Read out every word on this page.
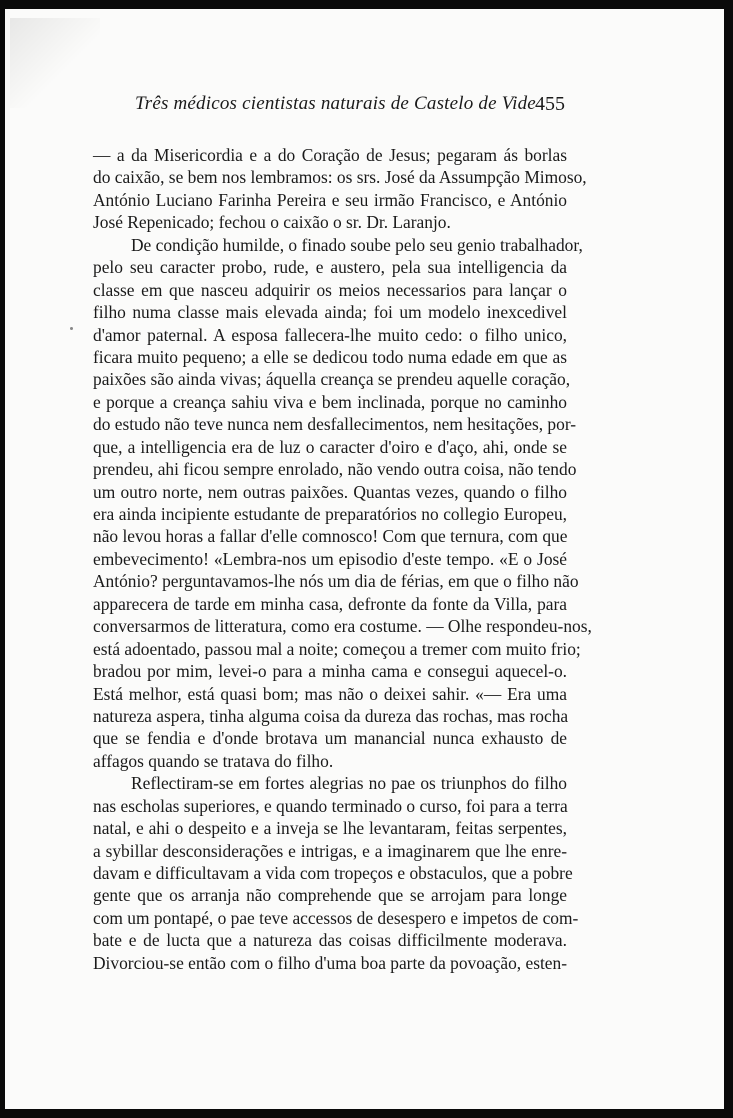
Três médicos cientistas naturais de Castelo de Vide 455
— a da Misericordia e a do Coração de Jesus; pegaram ás borlas
do caixão, se bem nos lembramos: os srs. José da Assumpção Mimoso,
António Luciano Farinha Pereira e seu irmão Francisco, e António
José Repenicado; fechou o caixão o sr. Dr. Laranjo.
De condição humilde, o finado soube pelo seu genio trabalhador,
pelo seu caracter probo, rude, e austero, pela sua intelligencia da
classe em que nasceu adquirir os meios necessarios para lançar o
filho numa classe mais elevada ainda; foi um modelo inexcedivel
d'amor paternal. A esposa fallecera-lhe muito cedo: o filho unico,
ficara muito pequeno; a elle se dedicou todo numa edade em que as
paixões são ainda vivas; áquella creança se prendeu aquelle coração,
e porque a creança sahiu viva e bem inclinada, porque no caminho
do estudo não teve nunca nem desfallecimentos, nem hesitações, por-
que, a intelligencia era de luz o caracter d'oiro e d'aço, ahi, onde se
prendeu, ahi ficou sempre enrolado, não vendo outra coisa, não tendo
um outro norte, nem outras paixões. Quantas vezes, quando o filho
era ainda incipiente estudante de preparatórios no collegio Europeu,
não levou horas a fallar d'elle comnosco! Com que ternura, com que
embevecimento! «Lembra-nos um episodio d'este tempo. «E o José
António? perguntavamos-lhe nós um dia de férias, em que o filho não
apparecera de tarde em minha casa, defronte da fonte da Villa, para
conversarmos de litteratura, como era costume. — Olhe respondeu-nos,
está adoentado, passou mal a noite; começou a tremer com muito frio;
bradou por mim, levei-o para a minha cama e consegui aquecel-o.
Está melhor, está quasi bom; mas não o deixei sahir. «— Era uma
natureza aspera, tinha alguma coisa da dureza das rochas, mas rocha
que se fendia e d'onde brotava um manancial nunca exhausto de
affagos quando se tratava do filho.
Reflectiram-se em fortes alegrias no pae os triunphos do filho
nas escholas superiores, e quando terminado o curso, foi para a terra
natal, e ahi o despeito e a inveja se lhe levantaram, feitas serpentes,
a sybillar desconsiderações e intrigas, e a imaginarem que lhe enre-
davam e difficultavam a vida com tropeços e obstaculos, que a pobre
gente que os arranja não comprehende que se arrojam para longe
com um pontapé, o pae teve accessos de desespero e impetos de com-
bate e de lucta que a natureza das coisas difficilmente moderava.
Divorciou-se então com o filho d'uma boa parte da povoação, esten-
